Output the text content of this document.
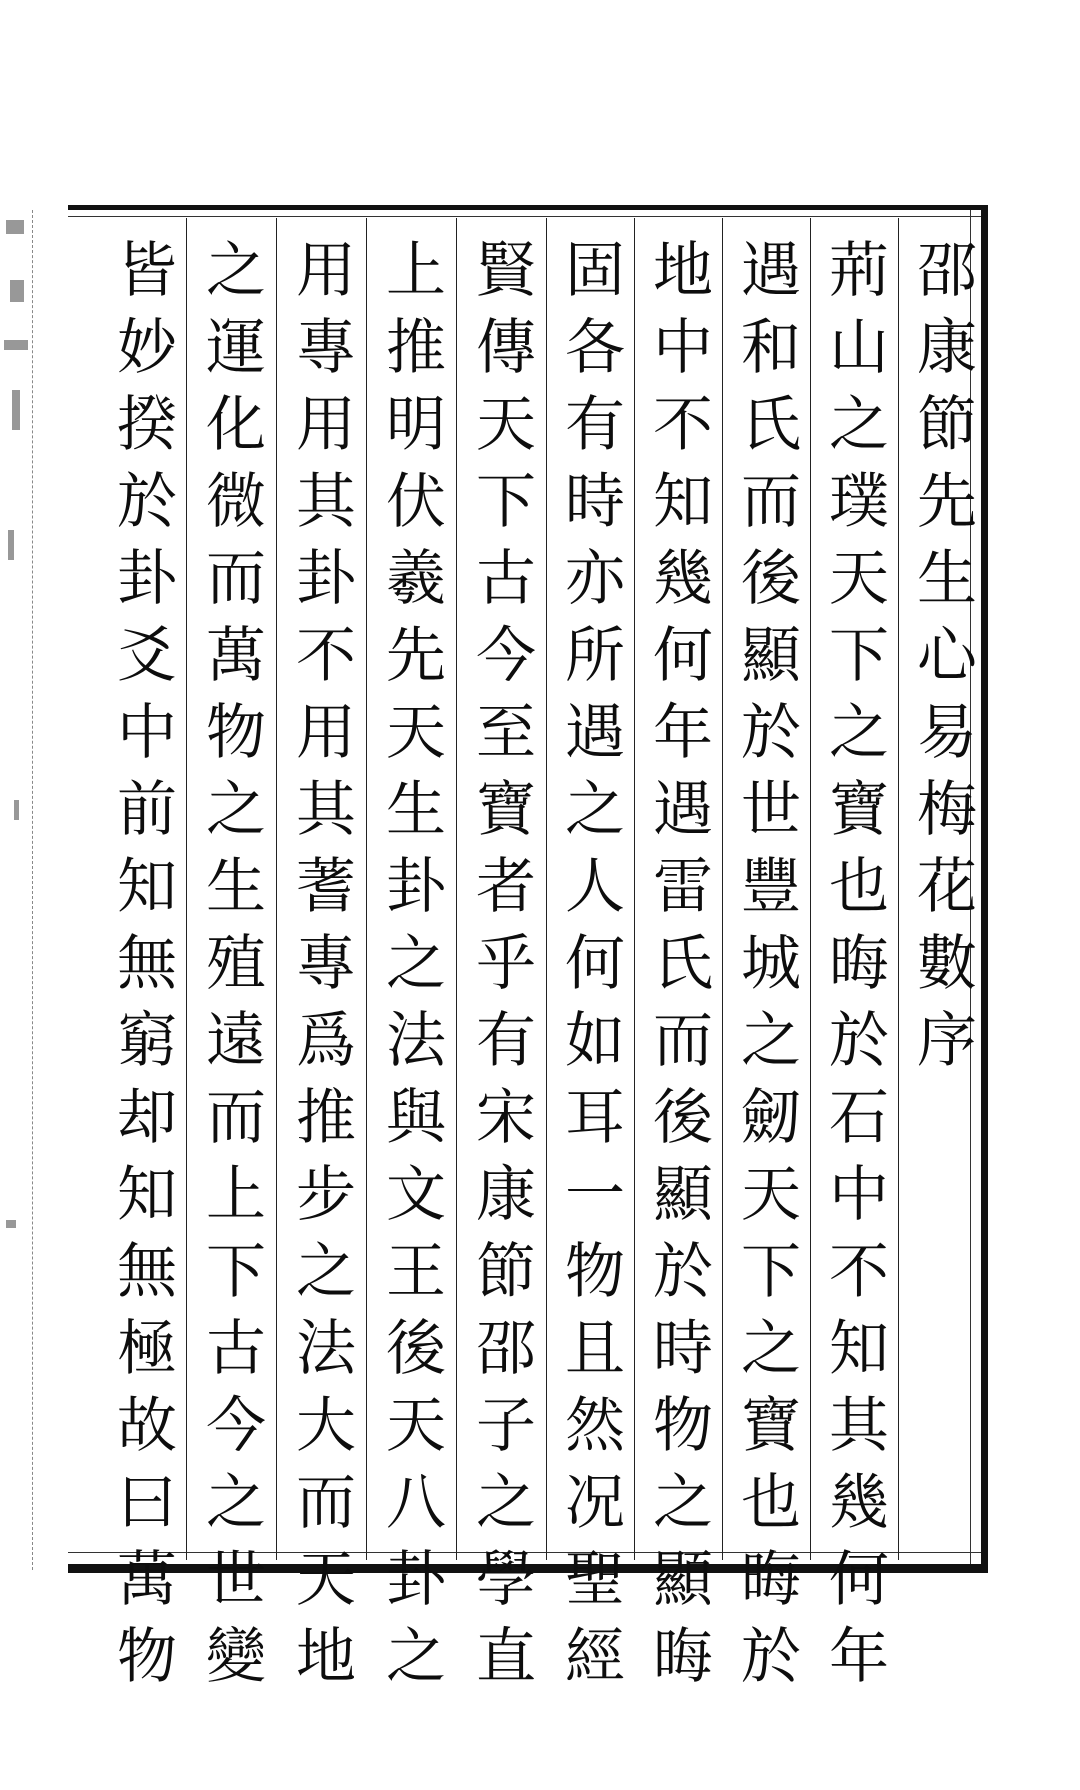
邵康節先生心易梅花數序
荊山之璞天下之寶也晦於石中不知其幾何年
遇和氏而後顯於世豐城之劒天下之寶也晦於
地中不知幾何年遇雷氏而後顯於時物之顯晦
固各有時亦所遇之人何如耳一物且然况聖經
賢傳天下古今至寶者乎有宋康節邵子之學直
上推明伏羲先天生卦之法與文王後天八卦之
用專用其卦不用其蓍專爲推步之法大而天地
之運化微而萬物之生殖遠而上下古今之世變
皆妙揆於卦爻中前知無窮却知無極故曰萬物
